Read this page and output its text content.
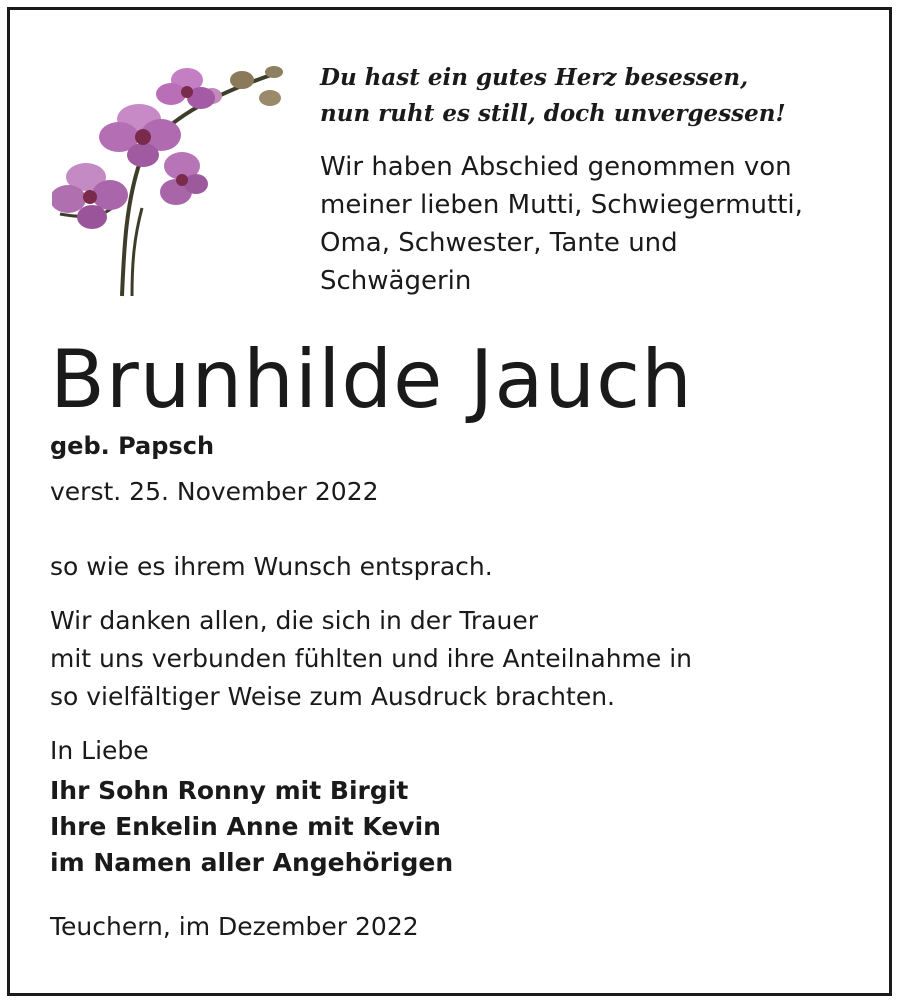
Du hast ein gutes Herz besessen,
nun ruht es still, doch unvergessen!
Wir haben Abschied genommen von
meiner lieben Mutti, Schwiegermutti,
Oma, Schwester, Tante und
Schwägerin
Brunhilde Jauch
geb. Papsch
verst. 25. November 2022
so wie es ihrem Wunsch entsprach.
Wir danken allen, die sich in der Trauer
mit uns verbunden fühlten und ihre Anteilnahme in
so vielfältiger Weise zum Ausdruck brachten.
In Liebe
Ihr Sohn Ronny mit Birgit
Ihre Enkelin Anne mit Kevin
im Namen aller Angehörigen
Teuchern, im Dezember 2022
